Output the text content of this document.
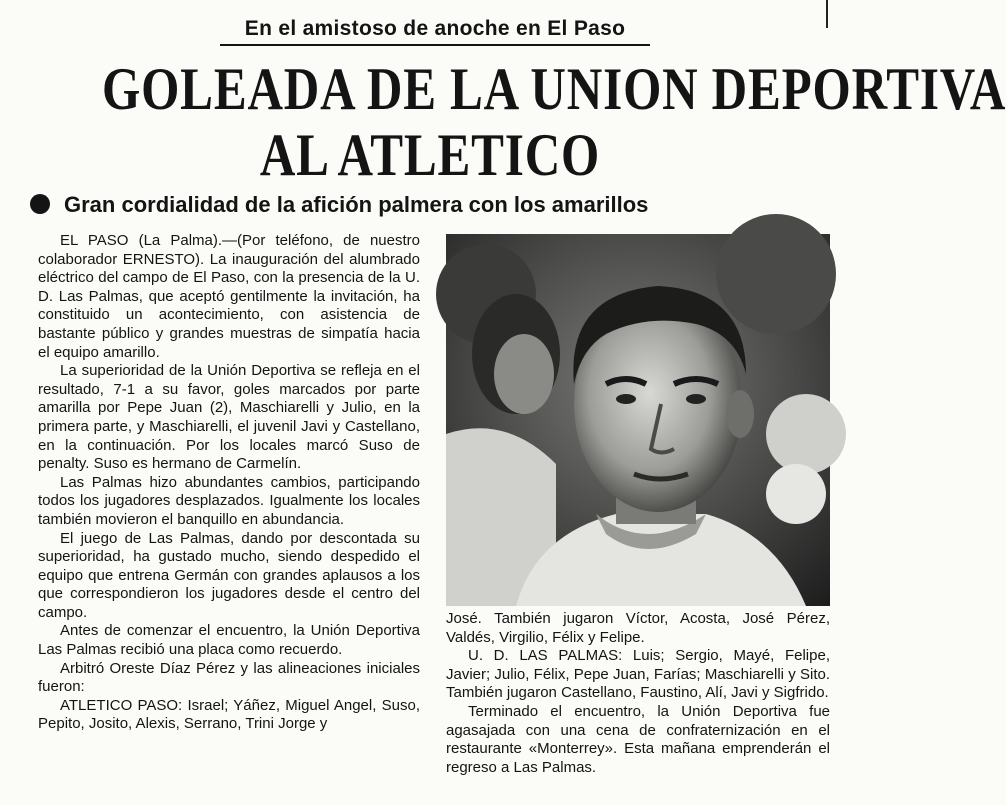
En el amistoso de anoche en El Paso
GOLEADA DE LA UNION DEPORTIVA
AL ATLETICO
Gran cordialidad de la afición palmera con los amarillos

EL PASO (La Palma).—(Por teléfono, de nuestro colaborador ERNESTO). La inauguración del alumbrado eléctrico del campo de El Paso, con la presencia de la U. D. Las Palmas, que aceptó gentilmente la invitación, ha constituido un acontecimiento, con asistencia de bastante público y grandes muestras de simpatía hacia el equipo amarillo.

La superioridad de la Unión Deportiva se refleja en el resultado, 7-1 a su favor, goles marcados por parte amarilla por Pepe Juan (2), Maschiarelli y Julio, en la primera parte, y Maschiarelli, el juvenil Javi y Castellano, en la continuación. Por los locales marcó Suso de penalty. Suso es hermano de Carmelín.

Las Palmas hizo abundantes cambios, participando todos los jugadores desplazados. Igualmente los locales también movieron el banquillo en abundancia.

El juego de Las Palmas, dando por descontada su superioridad, ha gustado mucho, siendo despedido el equipo que entrena Germán con grandes aplausos a los que correspondieron los jugadores desde el centro del campo.

Antes de comenzar el encuentro, la Unión Deportiva Las Palmas recibió una placa como recuerdo.

Arbitró Oreste Díaz Pérez y las alineaciones iniciales fueron:

ATLETICO PASO: Israel; Yáñez, Miguel Angel, Suso, Pepito, Josito, Alexis, Serrano, Trini Jorge y

José. También jugaron Víctor, Acosta, José Pérez, Valdés, Virgilio, Félix y Felipe.

U. D. LAS PALMAS: Luis; Sergio, Mayé, Felipe, Javier; Julio, Félix, Pepe Juan, Farías; Maschiarelli y Sito. También jugaron Castellano, Faustino, Alí, Javi y Sigfrido.

Terminado el encuentro, la Unión Deportiva fue agasajada con una cena de confraternización en el restaurante «Monterrey». Esta mañana emprenderán el regreso a Las Palmas.
